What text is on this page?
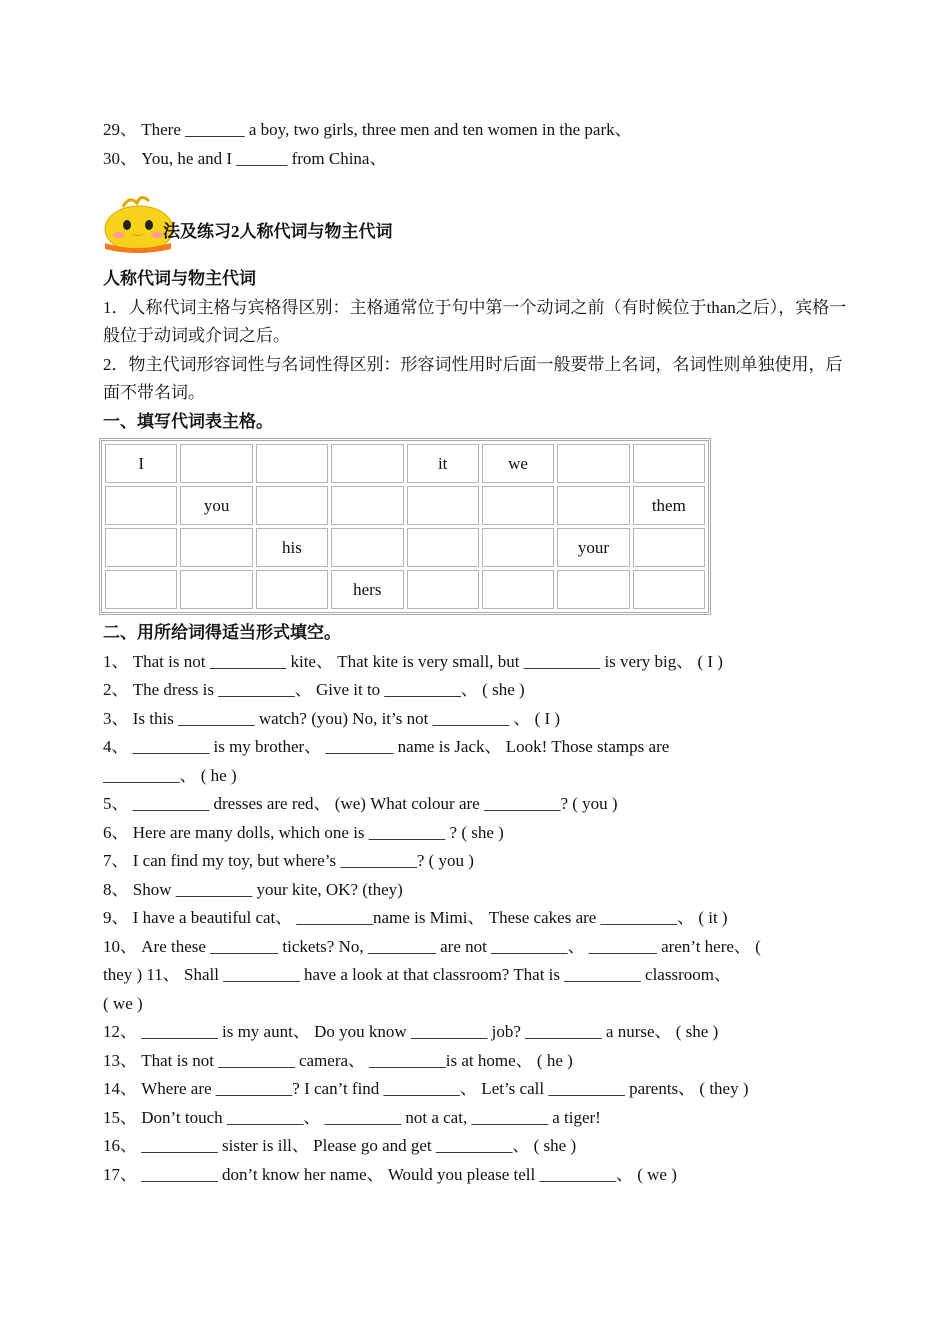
29、 There _______ a boy, two girls, three men and ten women in the park、
30、 You, he and I ______ from China、
法及练习2人称代词与物主代词
人称代词与物主代词
1．人称代词主格与宾格得区别：主格通常位于句中第一个动词之前（有时候位于than之后），宾格一般位于动词或介词之后。
2．物主代词形容词性与名词性得区别：形容词性用时后面一般要带上名词，名词性则单独使用，后面不带名词。
一、填写代词表主格。
I				it	we		
	you						them
		his				your	
			hers				
二、用所给词得适当形式填空。
1、 That is not _________ kite、 That kite is very small, but _________ is very big、 ( I )
2、 The dress is _________、 Give it to _________、 ( she )
3、 Is this _________ watch? (you) No, it’s not _________ 、 ( I )
4、 _________ is my brother、 ________ name is Jack、 Look! Those stamps are
_________、 ( he )
5、 _________ dresses are red、 (we) What colour are _________? ( you )
6、 Here are many dolls, which one is _________ ? ( she )
7、 I can find my toy, but where’s _________? ( you )
8、 Show _________ your kite, OK? (they)
9、 I have a beautiful cat、 _________name is Mimi、 These cakes are _________、 ( it )
10、 Are these ________ tickets? No, ________ are not _________、 ________ aren’t here、 (
they ) 11、 Shall _________ have a look at that classroom? That is _________ classroom、
( we )
12、 _________ is my aunt、 Do you know _________ job? _________ a nurse、 ( she )
13、 That is not _________ camera、 _________is at home、 ( he )
14、 Where are _________? I can’t find _________、 Let’s call _________ parents、 ( they )
15、 Don’t touch _________、 _________ not a cat, _________ a tiger!
16、 _________ sister is ill、 Please go and get _________、 ( she )
17、 _________ don’t know her name、 Would you please tell _________、 ( we )
